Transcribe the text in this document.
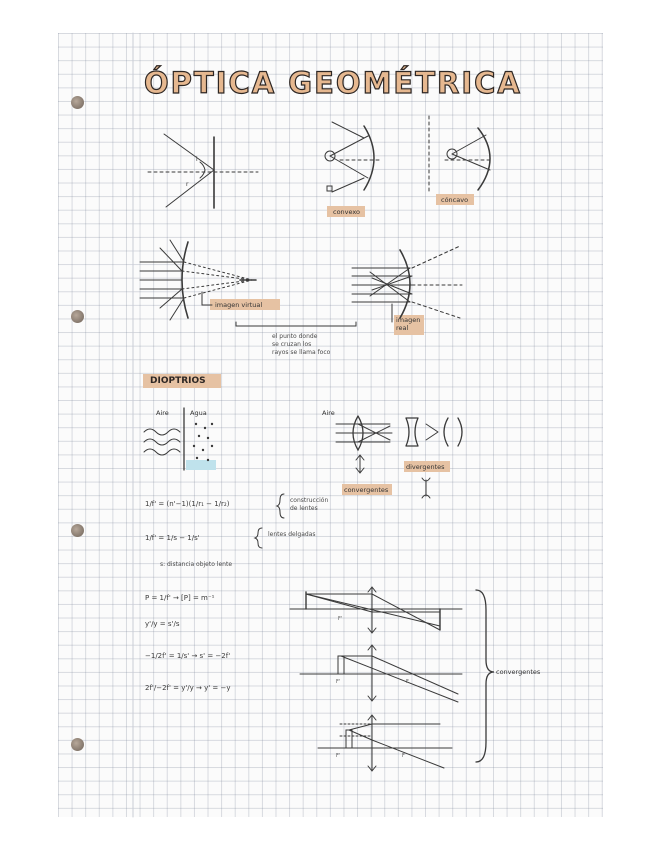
ÓPTICA GEOMÉTRICA
i
r
convexo
cóncavo
imagen virtual
imagen real
el punto donde
se cruzan los
rayos se llama foco
DIOPTRIOS
Aire	Agua	Aire
divergentes
convergentes
1/f' = (n'−1)(1/r₁ − 1/r₂)	construcción
de lentes
1/f' = 1/s − 1/s'	lentes delgadas
s: distancia objeto lente
P = 1/f' → [P] = m⁻¹
y'/y = s'/s
−1/2f' = 1/s' → s' = −2f'
2f'/−2f' = y'/y → y' = −y
F'
F'	F
F'	F
convergentes
